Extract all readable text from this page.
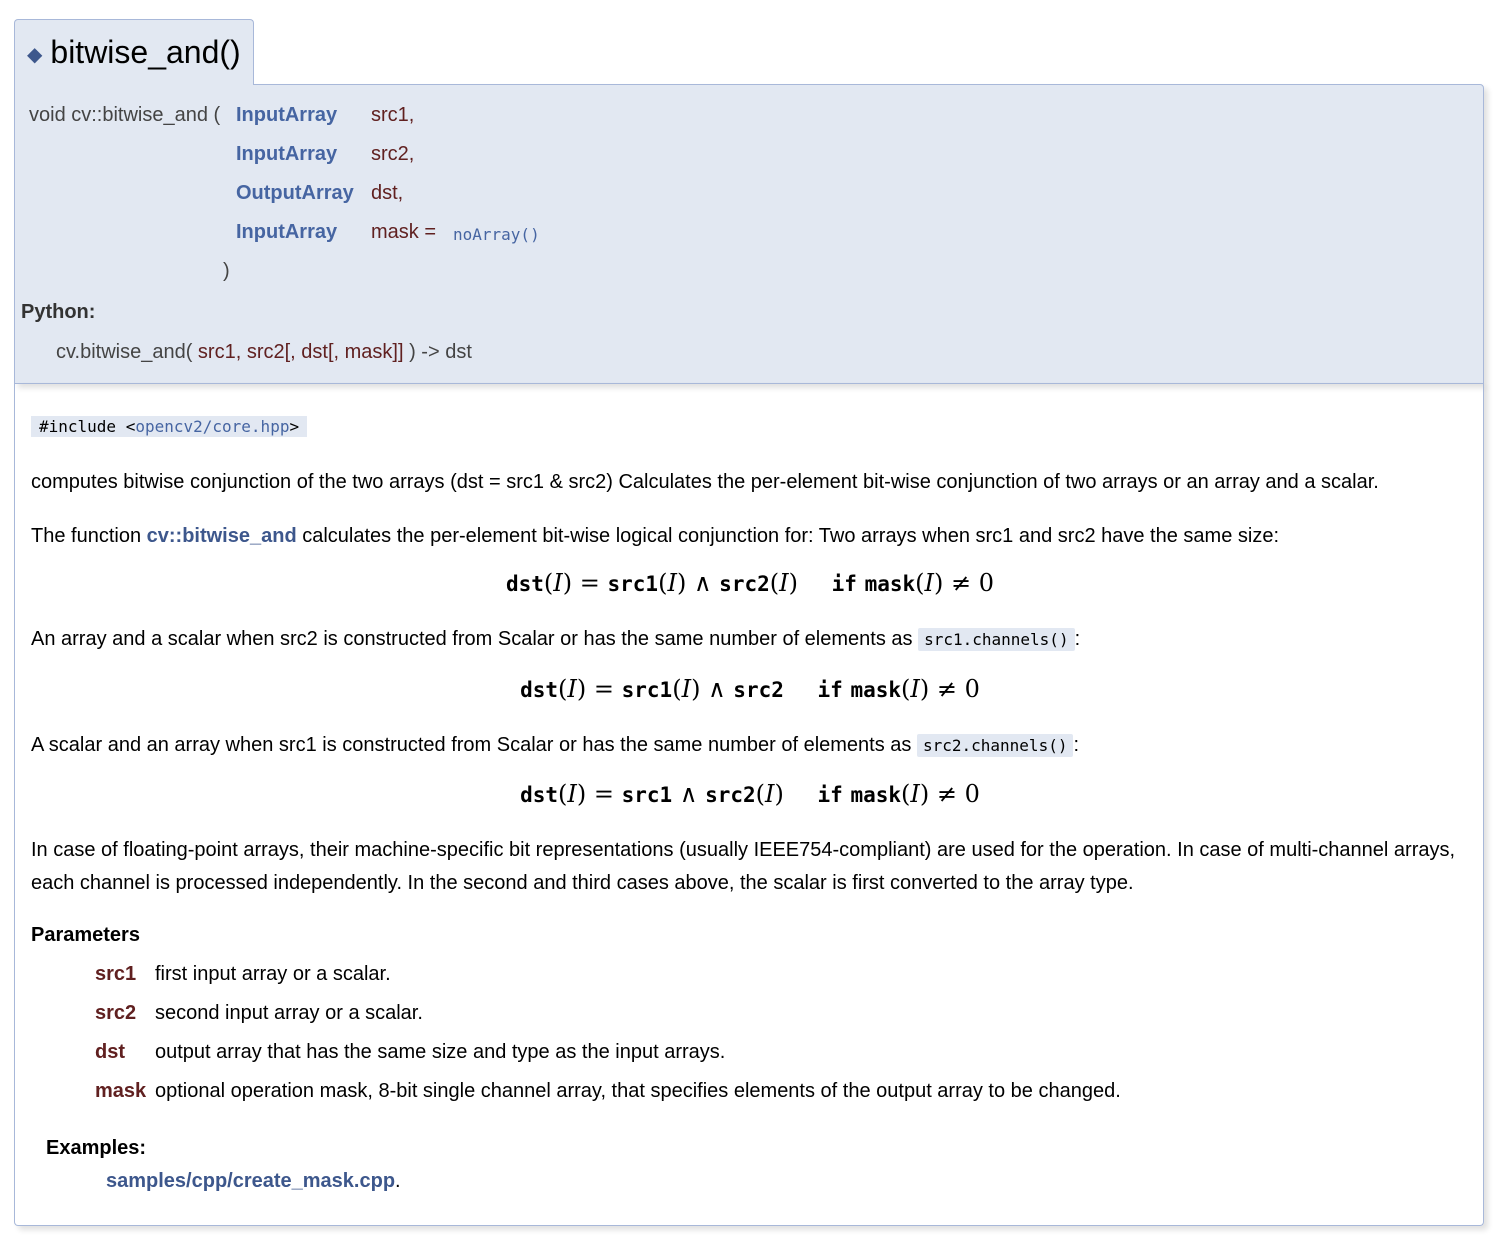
◆ bitwise_and()
void cv::bitwise_and ( InputArray src1,
InputArray src2,
OutputArray dst,
InputArray mask = noArray()
)
Python:
cv.bitwise_and( src1, src2[, dst[, mask]] ) -> dst
#include <opencv2/core.hpp>
computes bitwise conjunction of the two arrays (dst = src1 & src2) Calculates the per-element bit-wise conjunction of two arrays or an array and a scalar.
The function cv::bitwise_and calculates the per-element bit-wise logical conjunction for: Two arrays when src1 and src2 have the same size:
dst(I) = src1(I) ∧ src2(I) if mask(I) ≠ 0
An array and a scalar when src2 is constructed from Scalar or has the same number of elements as src1.channels() :
dst(I) = src1(I) ∧ src2 if mask(I) ≠ 0
A scalar and an array when src1 is constructed from Scalar or has the same number of elements as src2.channels() :
dst(I) = src1 ∧ src2(I) if mask(I) ≠ 0
In case of floating-point arrays, their machine-specific bit representations (usually IEEE754-compliant) are used for the operation. In case of multi-channel arrays, each channel is processed independently. In the second and third cases above, the scalar is first converted to the array type.
Parameters
src1 first input array or a scalar.
src2 second input array or a scalar.
dst output array that has the same size and type as the input arrays.
mask optional operation mask, 8-bit single channel array, that specifies elements of the output array to be changed.
Examples:
samples/cpp/create_mask.cpp.
